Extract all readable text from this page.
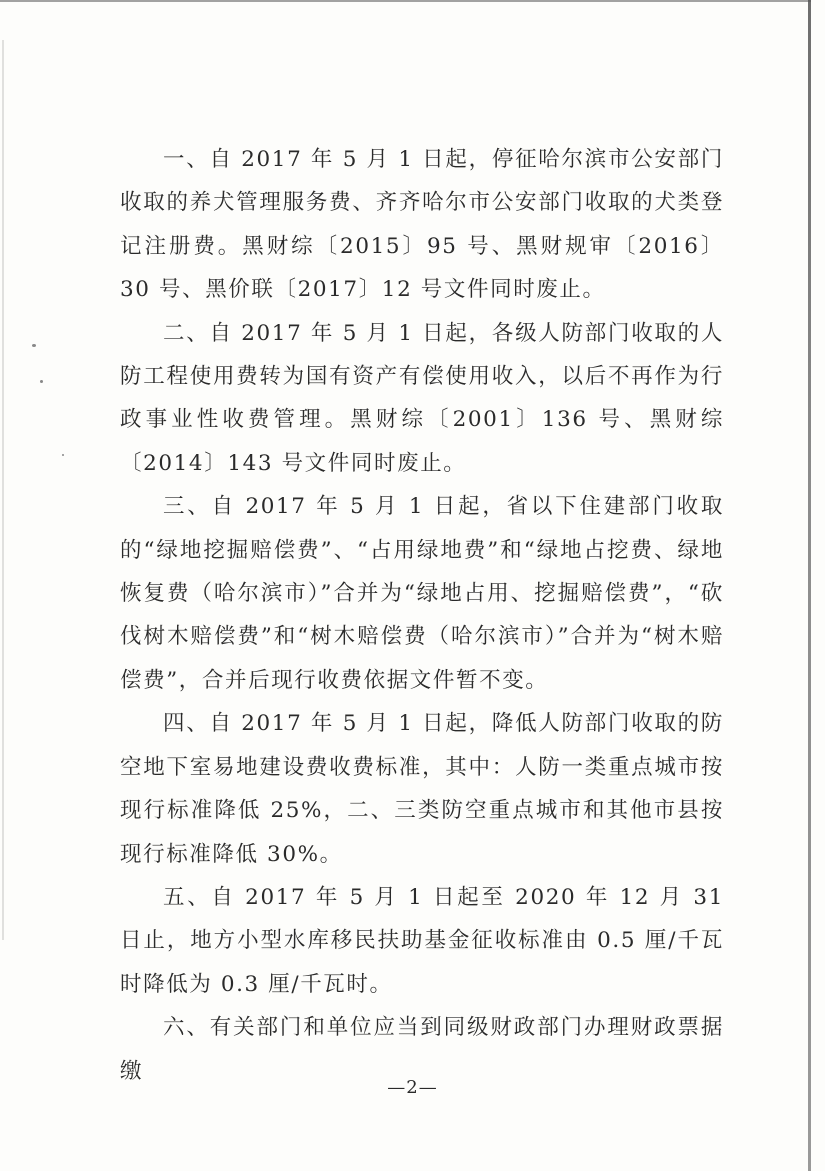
一、自 2017 年 5 月 1 日起，停征哈尔滨市公安部门收取的养犬管理服务费、齐齐哈尔市公安部门收取的犬类登记注册费。黑财综〔2015〕95 号、黑财规审〔2016〕30 号、黑价联〔2017〕12 号文件同时废止。

二、自 2017 年 5 月 1 日起，各级人防部门收取的人防工程使用费转为国有资产有偿使用收入，以后不再作为行政事业性收费管理。黑财综〔2001〕136 号、黑财综〔2014〕143 号文件同时废止。

三、自 2017 年 5 月 1 日起，省以下住建部门收取的“绿地挖掘赔偿费”、“占用绿地费”和“绿地占挖费、绿地恢复费（哈尔滨市）”合并为“绿地占用、挖掘赔偿费”，“砍伐树木赔偿费”和“树木赔偿费（哈尔滨市）”合并为“树木赔偿费”，合并后现行收费依据文件暂不变。

四、自 2017 年 5 月 1 日起，降低人防部门收取的防空地下室易地建设费收费标准，其中：人防一类重点城市按现行标准降低 25%，二、三类防空重点城市和其他市县按现行标准降低 30%。

五、自 2017 年 5 月 1 日起至 2020 年 12 月 31 日止，地方小型水库移民扶助基金征收标准由 0.5 厘/千瓦时降低为 0.3 厘/千瓦时。

六、有关部门和单位应当到同级财政部门办理财政票据缴

—2—
